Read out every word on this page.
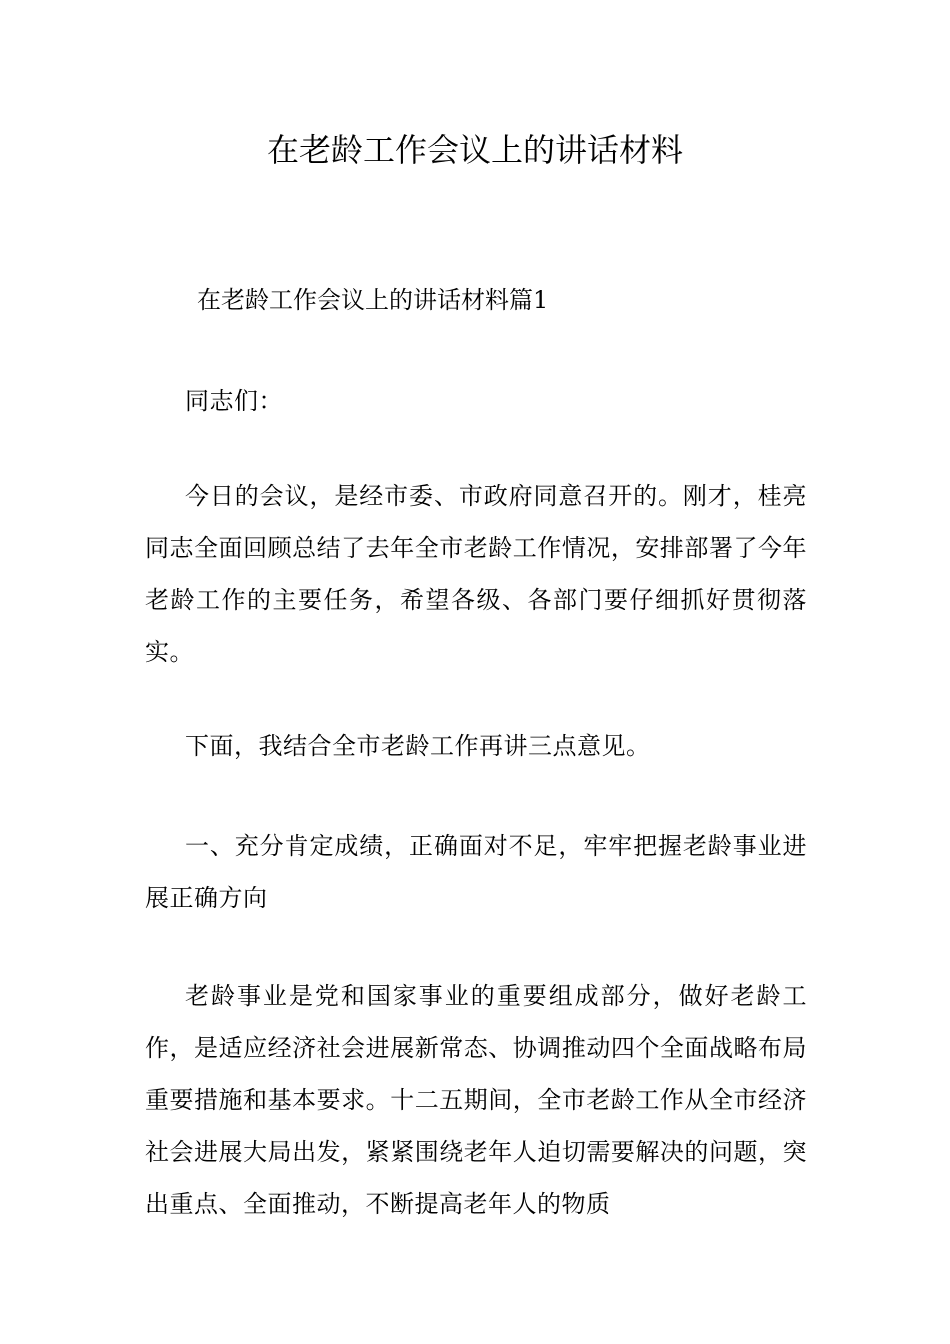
在老龄工作会议上的讲话材料

在老龄工作会议上的讲话材料篇1

同志们：

今日的会议，是经市委、市政府同意召开的。刚才，桂亮同志全面回顾总结了去年全市老龄工作情况，安排部署了今年老龄工作的主要任务，希望各级、各部门要仔细抓好贯彻落实。

下面，我结合全市老龄工作再讲三点意见。

一、充分肯定成绩，正确面对不足，牢牢把握老龄事业进展正确方向

老龄事业是党和国家事业的重要组成部分，做好老龄工作，是适应经济社会进展新常态、协调推动四个全面战略布局重要措施和基本要求。十二五期间，全市老龄工作从全市经济社会进展大局出发，紧紧围绕老年人迫切需要解决的问题，突出重点、全面推动，不断提高老年人的物质
